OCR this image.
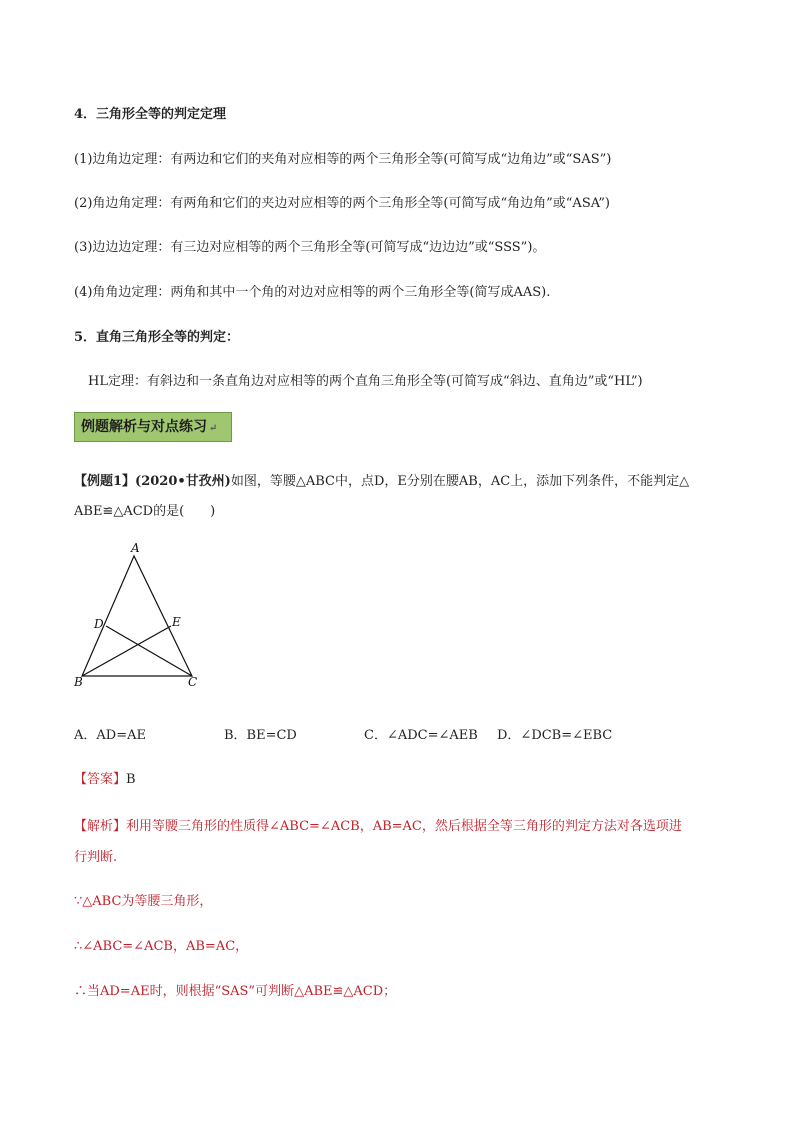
4．三角形全等的判定定理
(1)边角边定理：有两边和它们的夹角对应相等的两个三角形全等(可简写成“边角边”或“SAS”)
(2)角边角定理：有两角和它们的夹边对应相等的两个三角形全等(可简写成“角边角”或“ASA”)
(3)边边边定理：有三边对应相等的两个三角形全等(可简写成“边边边”或“SSS”)。
(4)角角边定理：两角和其中一个角的对边对应相等的两个三角形全等(简写成AAS).
5．直角三角形全等的判定：
HL定理：有斜边和一条直角边对应相等的两个直角三角形全等(可简写成“斜边、直角边”或“HL”)
例题解析与对点练习 ↵
【例题1】(2020•甘孜州)如图，等腰△ABC中，点D，E分别在腰AB，AC上，添加下列条件，不能判定△
ABE≌△ACD的是(　　)
A
B	C
D	E
A．AD=AE	B．BE=CD	C．∠ADC=∠AEB D．∠DCB=∠EBC
【答案】B
【解析】利用等腰三角形的性质得∠ABC=∠ACB，AB=AC，然后根据全等三角形的判定方法对各选项进
行判断.
∵△ABC为等腰三角形，
∴∠ABC=∠ACB，AB=AC，
∴当AD=AE时，则根据“SAS”可判断△ABE≌△ACD；
